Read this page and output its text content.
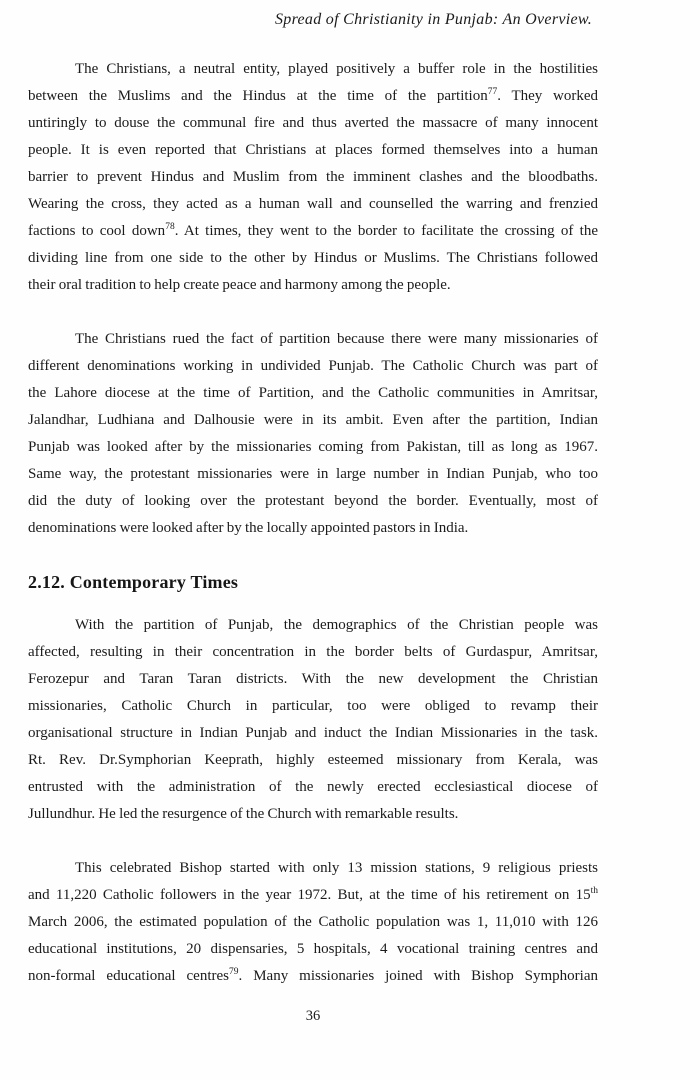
Spread of Christianity in Punjab: An Overview.
The Christians, a neutral entity, played positively a buffer role in the hostilities
between the Muslims and the Hindus at the time of the partition$^{77}$. They worked
untiringly to douse the communal fire and thus averted the massacre of many innocent
people. It is even reported that Christians at places formed themselves into a human
barrier to prevent Hindus and Muslim from the imminent clashes and the bloodbaths.
Wearing the cross, they acted as a human wall and counselled the warring and frenzied
factions to cool down$^{78}$. At times, they went to the border to facilitate the crossing of the
dividing line from one side to the other by Hindus or Muslims. The Christians followed
their oral tradition to help create peace and harmony among the people.
The Christians rued the fact of partition because there were many missionaries of
different denominations working in undivided Punjab. The Catholic Church was part of
the Lahore diocese at the time of Partition, and the Catholic communities in Amritsar,
Jalandhar, Ludhiana and Dalhousie were in its ambit. Even after the partition, Indian
Punjab was looked after by the missionaries coming from Pakistan, till as long as 1967.
Same way, the protestant missionaries were in large number in Indian Punjab, who too
did the duty of looking over the protestant beyond the border. Eventually, most of
denominations were looked after by the locally appointed pastors in India.
2.12. Contemporary Times
With the partition of Punjab, the demographics of the Christian people was
affected, resulting in their concentration in the border belts of Gurdaspur, Amritsar,
Ferozepur and Taran Taran districts. With the new development the Christian
missionaries, Catholic Church in particular, too were obliged to revamp their
organisational structure in Indian Punjab and induct the Indian Missionaries in the task.
Rt. Rev. Dr.Symphorian Keeprath, highly esteemed missionary from Kerala, was
entrusted with the administration of the newly erected ecclesiastical diocese of
Jullundhur. He led the resurgence of the Church with remarkable results.
This celebrated Bishop started with only 13 mission stations, 9 religious priests
and 11,220 Catholic followers in the year 1972. But, at the time of his retirement on 15th
March 2006, the estimated population of the Catholic population was 1, 11,010 with 126
educational institutions, 20 dispensaries, 5 hospitals, 4 vocational training centres and
non-formal educational centres$^{79}$. Many missionaries joined with Bishop Symphorian
36
